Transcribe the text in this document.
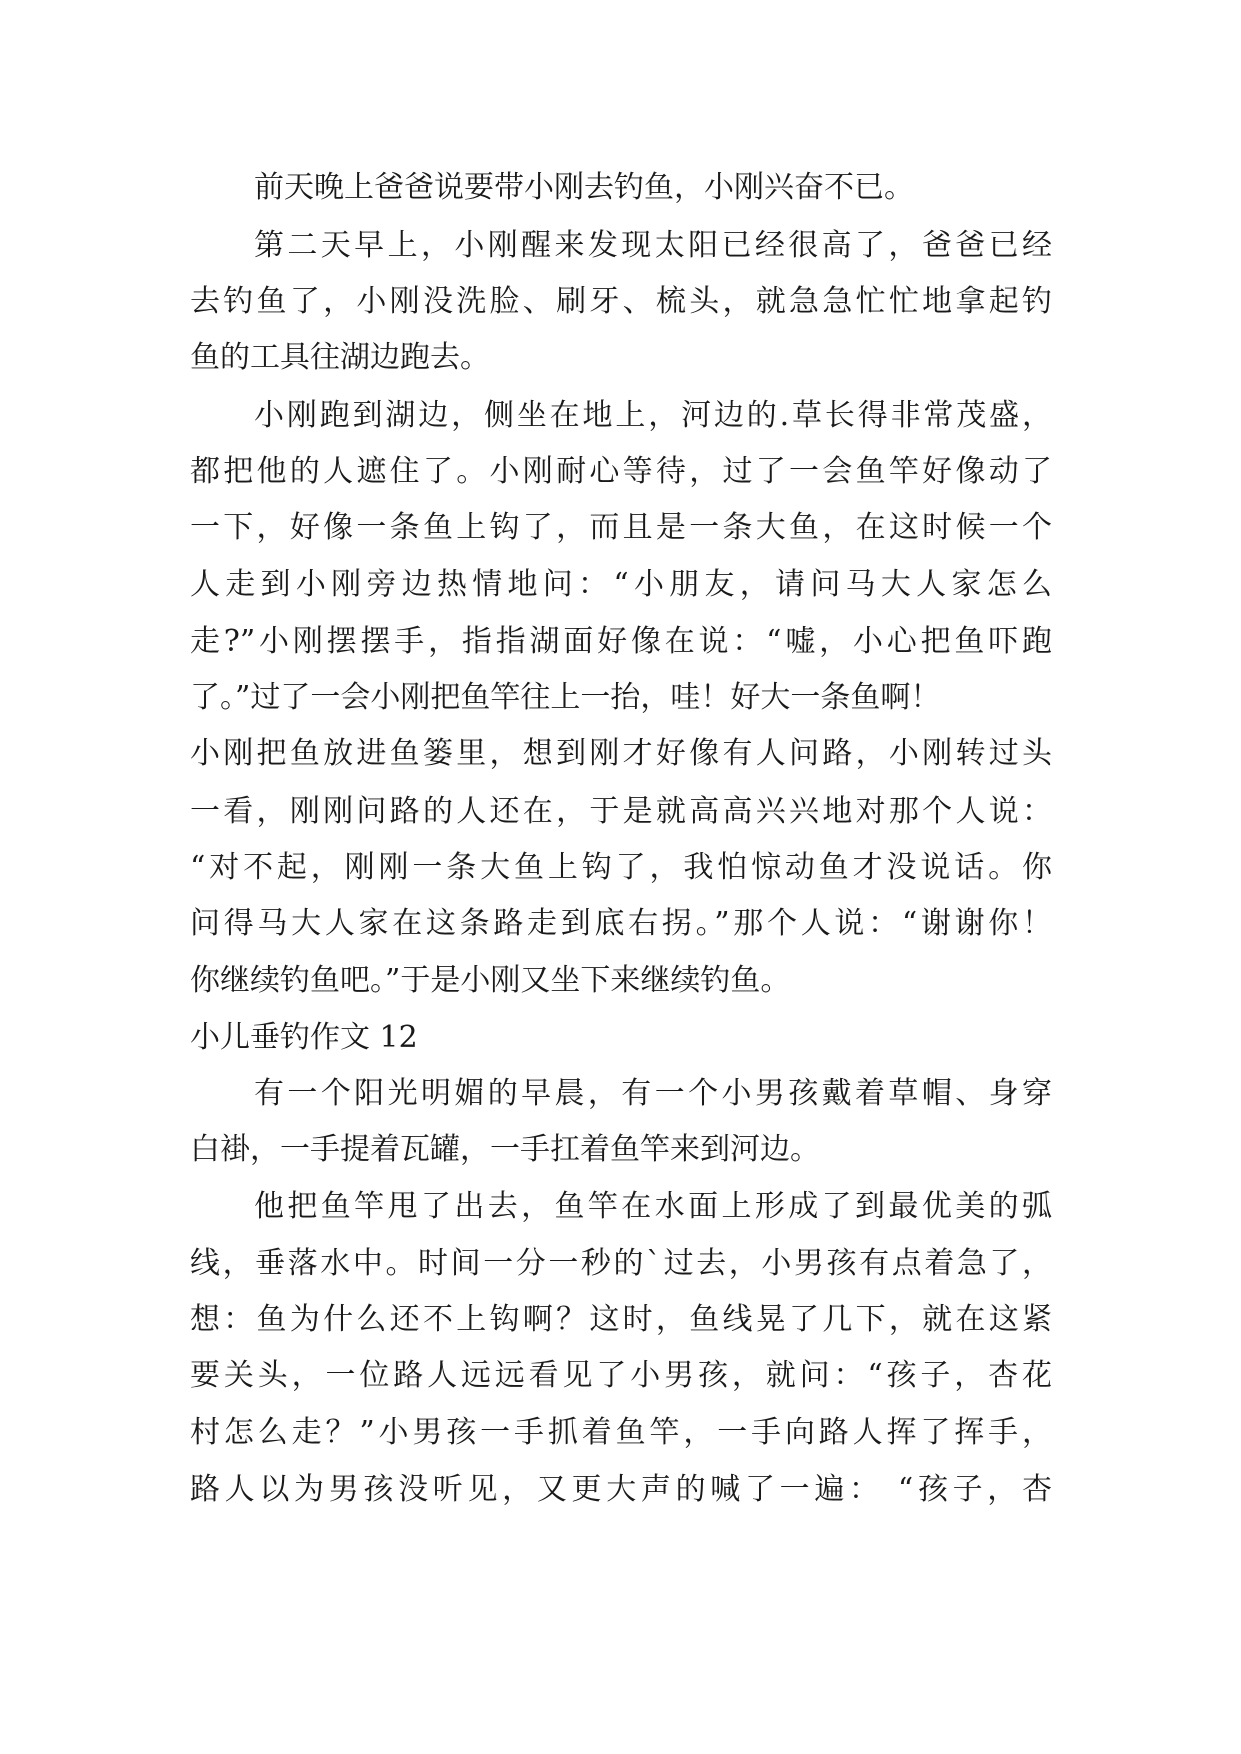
前天晚上爸爸说要带小刚去钓鱼，小刚兴奋不已。
第二天早上，小刚醒来发现太阳已经很高了，爸爸已经
去钓鱼了，小刚没洗脸、刷牙、梳头，就急急忙忙地拿起钓
鱼的工具往湖边跑去。
小刚跑到湖边，侧坐在地上，河边的.草长得非常茂盛，
都把他的人遮住了。小刚耐心等待，过了一会鱼竿好像动了
一下，好像一条鱼上钩了，而且是一条大鱼，在这时候一个
人走到小刚旁边热情地问：“小朋友，请问马大人家怎么
走?”小刚摆摆手，指指湖面好像在说：“嘘，小心把鱼吓跑
了。”过了一会小刚把鱼竿往上一抬，哇！好大一条鱼啊！
小刚把鱼放进鱼篓里，想到刚才好像有人问路，小刚转过头
一看，刚刚问路的人还在，于是就高高兴兴地对那个人说：
“对不起，刚刚一条大鱼上钩了，我怕惊动鱼才没说话。你
问得马大人家在这条路走到底右拐。”那个人说：“谢谢你！
你继续钓鱼吧。”于是小刚又坐下来继续钓鱼。
小儿垂钓作文 12
有一个阳光明媚的早晨，有一个小男孩戴着草帽、身穿
白褂，一手提着瓦罐，一手扛着鱼竿来到河边。
他把鱼竿甩了出去，鱼竿在水面上形成了到最优美的弧
线，垂落水中。时间一分一秒的`过去，小男孩有点着急了，
想：鱼为什么还不上钩啊？这时，鱼线晃了几下，就在这紧
要关头，一位路人远远看见了小男孩，就问：“孩子，杏花
村怎么走？”小男孩一手抓着鱼竿，一手向路人挥了挥手，
路人以为男孩没听见，又更大声的喊了一遍： “孩子，杏
